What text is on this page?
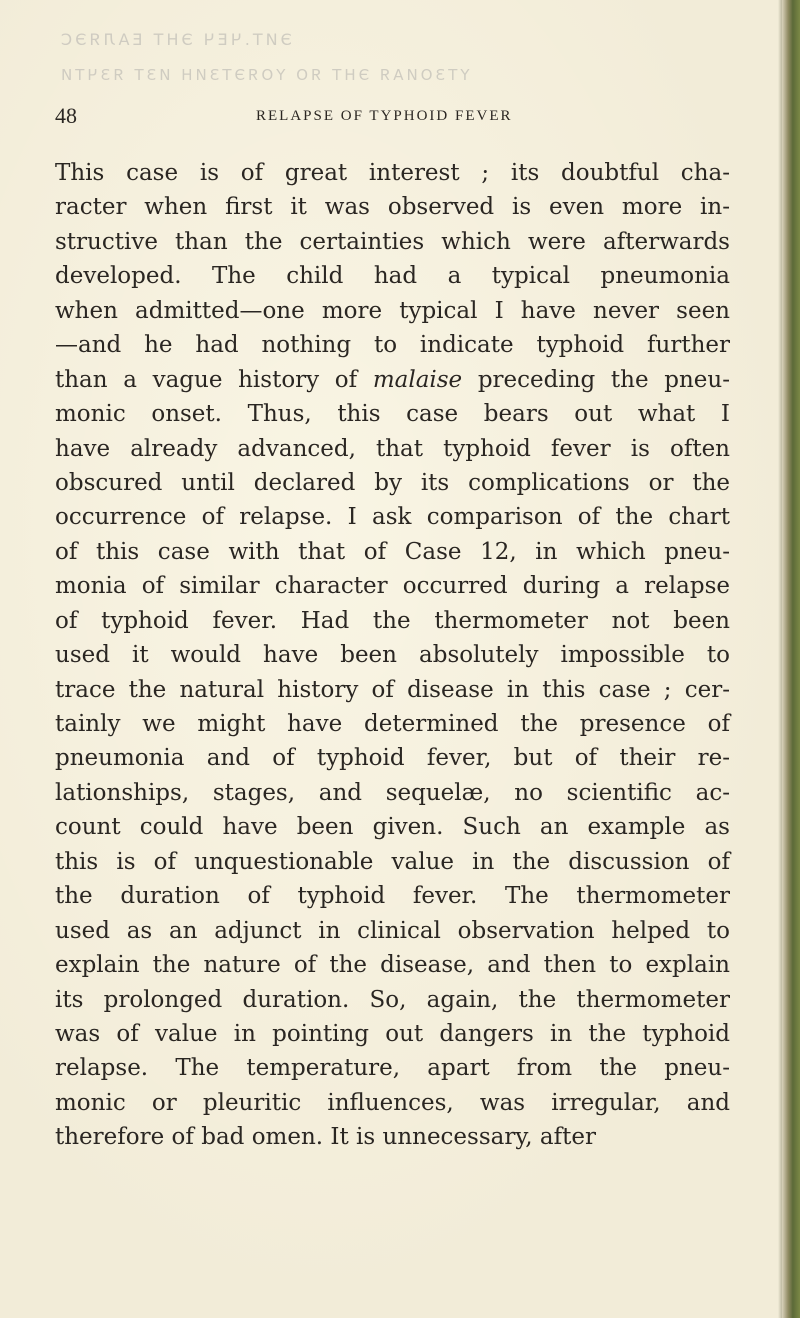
ЭИТ.ЧЕЧ ЭНТ ЕАЛЯЭС
ҮТЗОИАЯ ЭНТ ЯО ҮОЯЭТЗИН ИЗТ ЯЗЧТИ
48	RELAPSE OF TYPHOID FEVER
This case is of great interest ; its doubtful cha-
racter when first it was observed is even more in-
structive than the certainties which were afterwards
developed. The child had a typical pneumonia
when admitted—one more typical I have never seen
—and he had nothing to indicate typhoid further
than a vague history of malaise preceding the pneu-
monic onset. Thus, this case bears out what I
have already advanced, that typhoid fever is often
obscured until declared by its complications or the
occurrence of relapse. I ask comparison of the chart
of this case with that of Case 12, in which pneu-
monia of similar character occurred during a relapse
of typhoid fever. Had the thermometer not been
used it would have been absolutely impossible to
trace the natural history of disease in this case ; cer-
tainly we might have determined the presence of
pneumonia and of typhoid fever, but of their re-
lationships, stages, and sequelæ, no scientific ac-
count could have been given. Such an example as
this is of unquestionable value in the discussion of
the duration of typhoid fever. The thermometer
used as an adjunct in clinical observation helped to
explain the nature of the disease, and then to explain
its prolonged duration. So, again, the thermometer
was of value in pointing out dangers in the typhoid
relapse. The temperature, apart from the pneu-
monic or pleuritic influences, was irregular, and
therefore of bad omen. It is unnecessary, after
